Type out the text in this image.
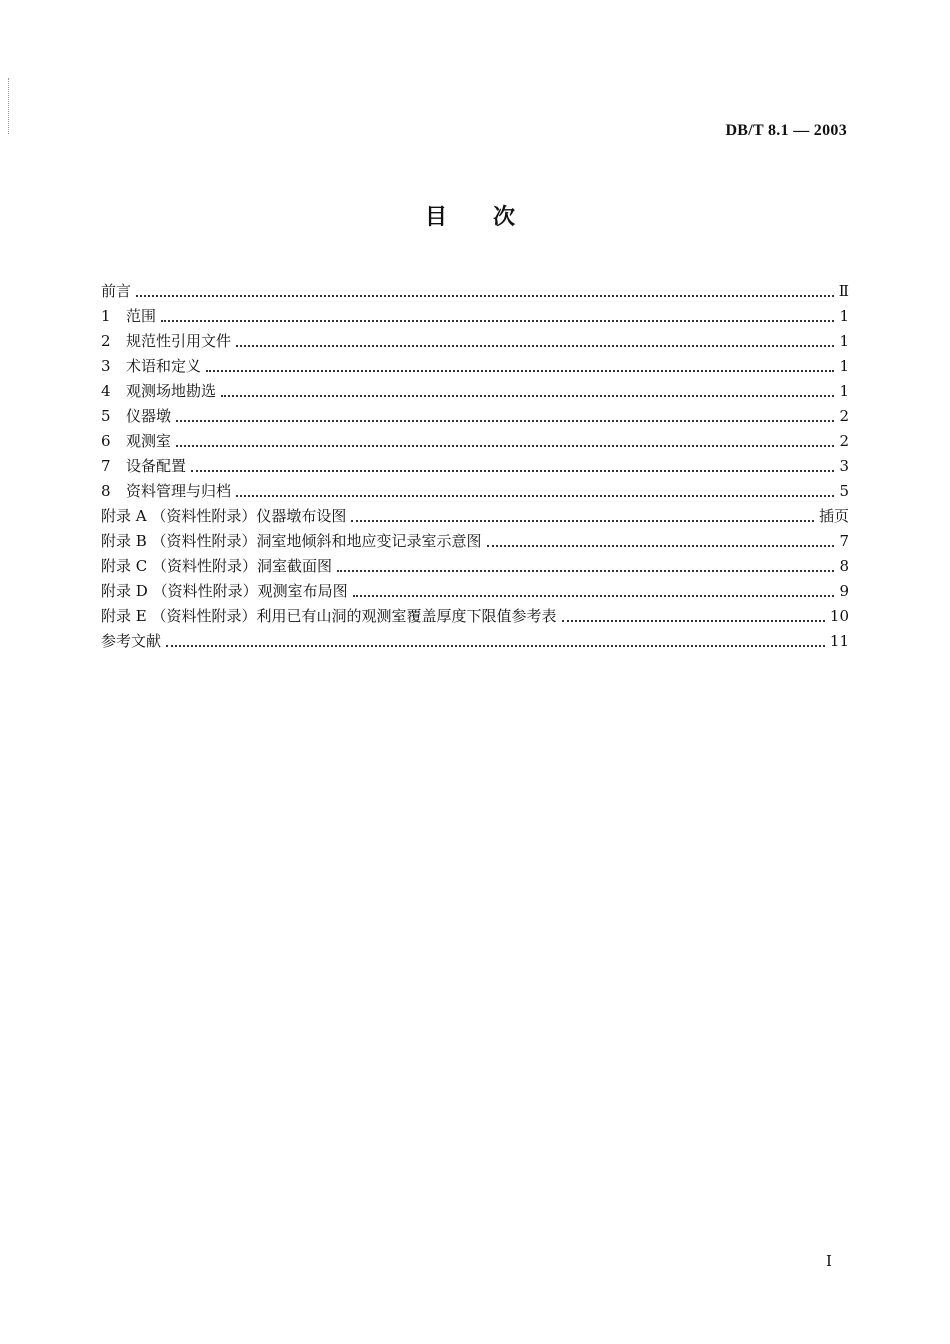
DB/T 8.1 — 2003
目次
前言	Ⅱ
1	范围	1
2	规范性引用文件	1
3	术语和定义	1
4	观测场地勘选	1
5	仪器墩	2
6	观测室	2
7	设备配置	3
8	资料管理与归档	5
附录 A （资料性附录）仪器墩布设图	插页
附录 B （资料性附录）洞室地倾斜和地应变记录室示意图	7
附录 C （资料性附录）洞室截面图	8
附录 D （资料性附录）观测室布局图	9
附录 E （资料性附录）利用已有山洞的观测室覆盖厚度下限值参考表	10
参考文献	11
I
